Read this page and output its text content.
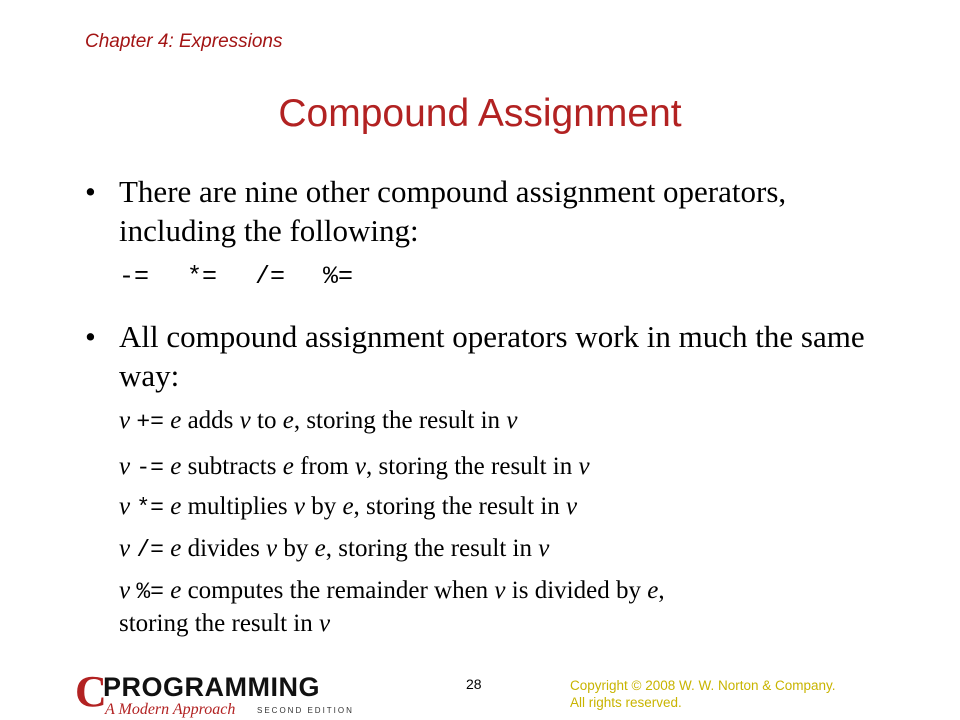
Chapter 4: Expressions
Compound Assignment
• There are nine other compound assignment operators, including the following:
-= *= /= %=
• All compound assignment operators work in much the same way:
v += e adds v to e, storing the result in v
v -= e subtracts e from v, storing the result in v
v *= e multiplies v by e, storing the result in v
v /= e divides v by e, storing the result in v
v %= e computes the remainder when v is divided by e,
storing the result in v
C
PROGRAMMING
A Modern Approach	SECOND EDITION
28	Copyright © 2008 W. W. Norton & Company.
All rights reserved.
